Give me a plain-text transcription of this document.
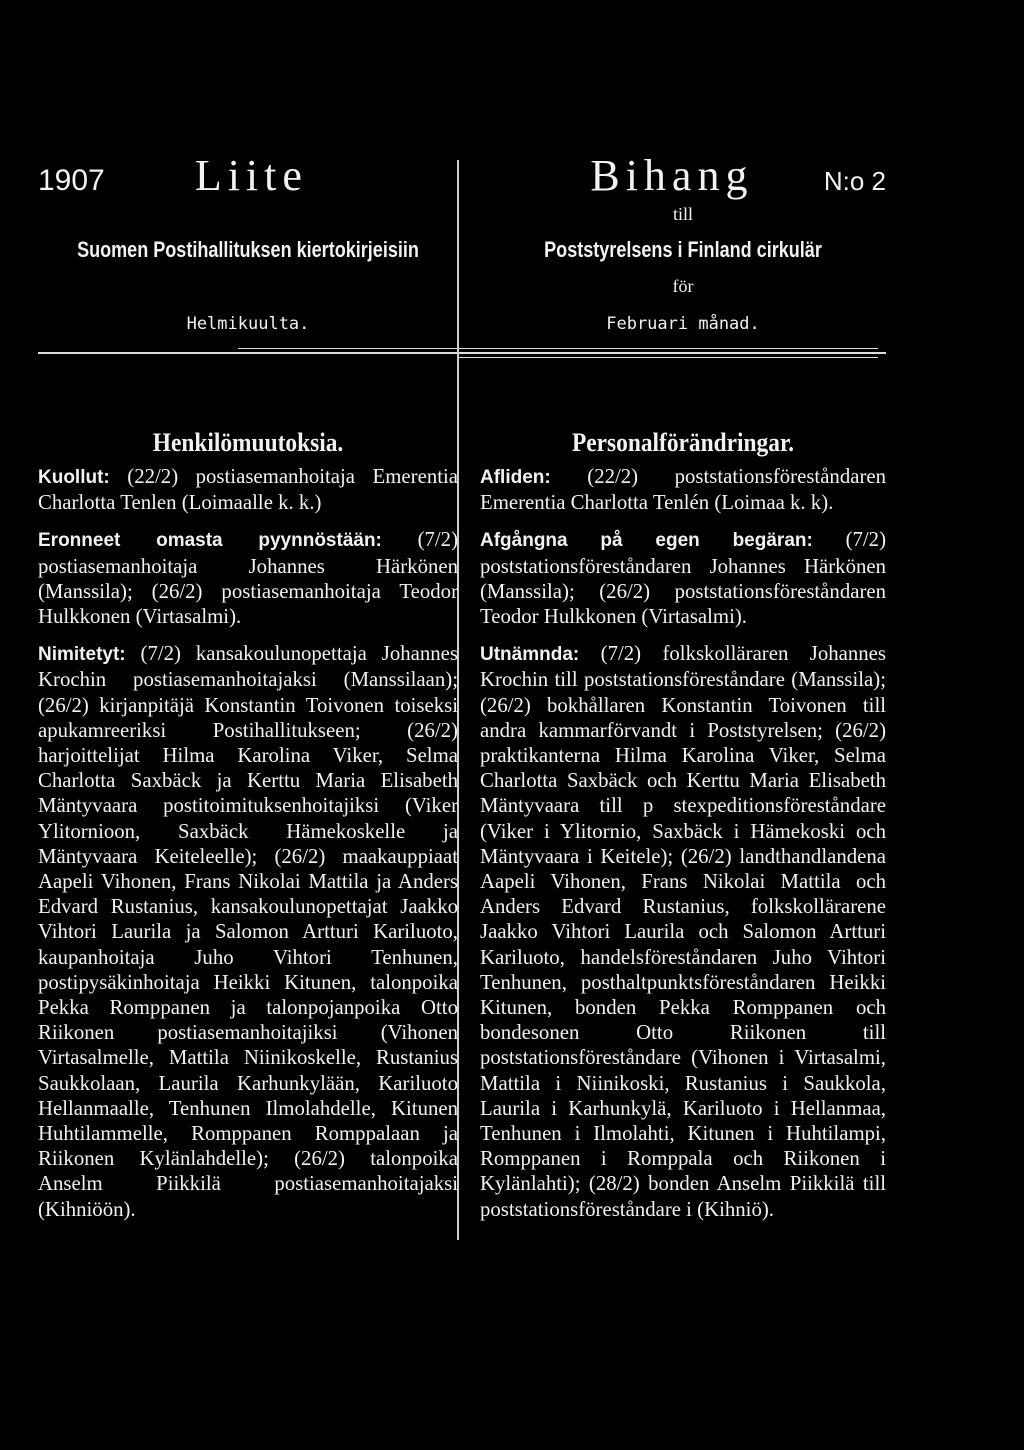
1907 Liite
Suomen Postihallituksen kiertokirjeisiin
Helmikuulta.
Bihang	N:o 2
till
Poststyrelsens i Finland cirkulär
för
Februari månad.
Henkilömuutoksia.

Kuollut: (22/2) postiasemanhoitaja Emerentia Charlotta Tenlen (Loimaalle k. k.)

Eronneet omasta pyynnöstään: (7/2) postiasemanhoitaja Johannes Härkönen (Manssila); (26/2) postiasemanhoitaja Teodor Hulkkonen (Virtasalmi).

Nimitetyt: (7/2) kansakoulunopettaja Johannes Krochin postiasemanhoitajaksi (Manssilaan); (26/2) kirjanpitäjä Konstantin Toivonen toiseksi apukamreeriksi Postihallitukseen; (26/2) harjoittelijat Hilma Karolina Viker, Selma Charlotta Saxbäck ja Kerttu Maria Elisabeth Mäntyvaara postitoimituksenhoitajiksi (Viker Ylitornioon, Saxbäck Hämekoskelle ja Mäntyvaara Keiteleelle); (26/2) maakauppiaat Aapeli Vihonen, Frans Nikolai Mattila ja Anders Edvard Rustanius, kansakoulunopettajat Jaakko Vihtori Laurila ja Salomon Artturi Kariluoto, kaupanhoitaja Juho Vihtori Tenhunen, postipysäkinhoitaja Heikki Kitunen, talonpoika Pekka Romppanen ja talonpojanpoika Otto Riikonen postiasemanhoitajiksi (Vihonen Virtasalmelle, Mattila Niinikoskelle, Rustanius Saukkolaan, Laurila Karhunkylään, Kariluoto Hellanmaalle, Tenhunen Ilmolahdelle, Kitunen Huhtilammelle, Romppanen Romppalaan ja Riikonen Kylänlahdelle); (26/2) talonpoika Anselm Piikkilä postiasemanhoitajaksi (Kihniöön).

Personalförändringar.

Afliden: (22/2) poststationsföreståndaren Emerentia Charlotta Tenlén (Loimaa k. k).

Afgångna på egen begäran: (7/2) poststationsföreståndaren Johannes Härkönen (Manssila); (26/2) poststationsföreståndaren Teodor Hulkkonen (Virtasalmi).

Utnämnda: (7/2) folkskolläraren Johannes Krochin till poststationsföreståndare (Manssila); (26/2) bokhållaren Konstantin Toivonen till andra kammarförvandt i Poststyrelsen; (26/2) praktikanterna Hilma Karolina Viker, Selma Charlotta Saxbäck och Kerttu Maria Elisabeth Mäntyvaara till p stexpeditionsföreståndare (Viker i Ylitornio, Saxbäck i Hämekoski och Mäntyvaara i Keitele); (26/2) landthandlandena Aapeli Vihonen, Frans Nikolai Mattila och Anders Edvard Rustanius, folkskollärarene Jaakko Vihtori Laurila och Salomon Artturi Kariluoto, handelsföreståndaren Juho Vihtori Tenhunen, posthaltpunktsföreståndaren Heikki Kitunen, bonden Pekka Romppanen och bondesonen Otto Riikonen till poststationsföreståndare (Vihonen i Virtasalmi, Mattila i Niinikoski, Rustanius i Saukkola, Laurila i Karhunkylä, Kariluoto i Hellanmaa, Tenhunen i Ilmolahti, Kitunen i Huhtilampi, Romppanen i Romppala och Riikonen i Kylänlahti); (28/2) bonden Anselm Piikkilä till poststationsföreståndare i (Kihniö).
